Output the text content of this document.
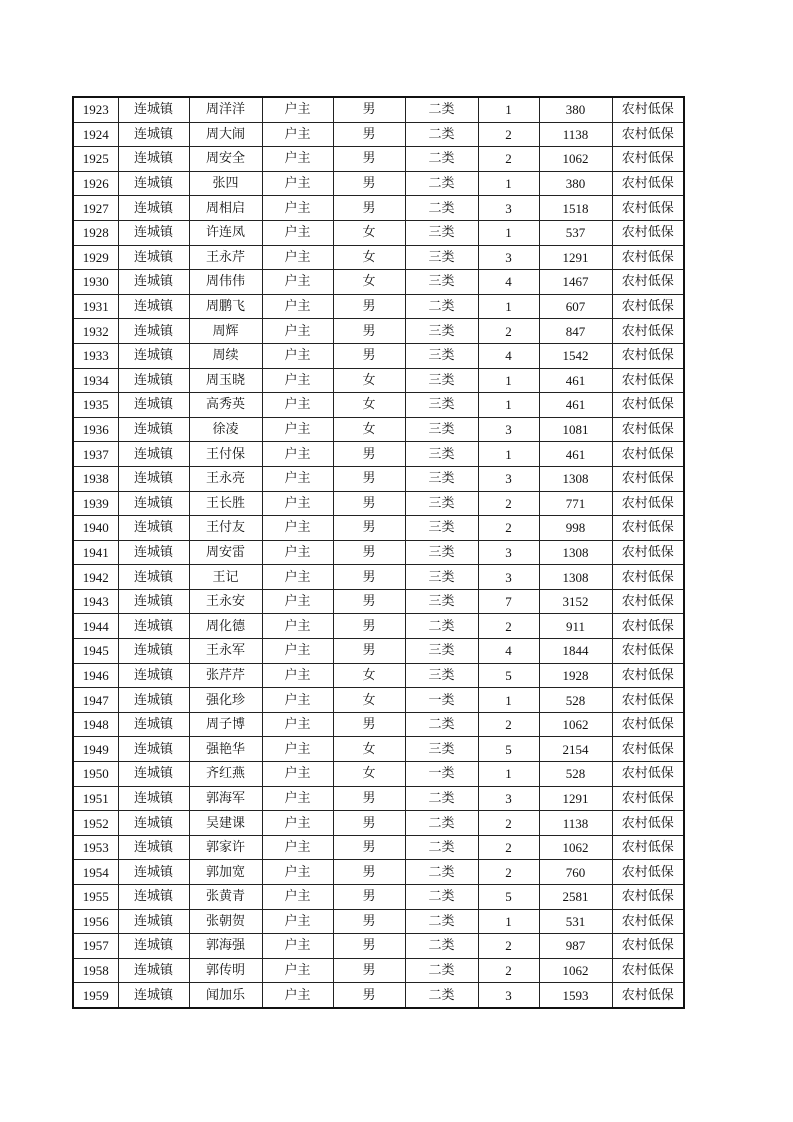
1923	连城镇	周洋洋	户主	男	二类	1	380	农村低保
1924	连城镇	周大闹	户主	男	二类	2	1138	农村低保
1925	连城镇	周安全	户主	男	二类	2	1062	农村低保
1926	连城镇	张四	户主	男	二类	1	380	农村低保
1927	连城镇	周相启	户主	男	二类	3	1518	农村低保
1928	连城镇	许连凤	户主	女	三类	1	537	农村低保
1929	连城镇	王永芹	户主	女	三类	3	1291	农村低保
1930	连城镇	周伟伟	户主	女	三类	4	1467	农村低保
1931	连城镇	周鹏飞	户主	男	二类	1	607	农村低保
1932	连城镇	周辉	户主	男	三类	2	847	农村低保
1933	连城镇	周续	户主	男	三类	4	1542	农村低保
1934	连城镇	周玉晓	户主	女	三类	1	461	农村低保
1935	连城镇	高秀英	户主	女	三类	1	461	农村低保
1936	连城镇	徐凌	户主	女	三类	3	1081	农村低保
1937	连城镇	王付保	户主	男	三类	1	461	农村低保
1938	连城镇	王永亮	户主	男	三类	3	1308	农村低保
1939	连城镇	王长胜	户主	男	三类	2	771	农村低保
1940	连城镇	王付友	户主	男	三类	2	998	农村低保
1941	连城镇	周安雷	户主	男	三类	3	1308	农村低保
1942	连城镇	王记	户主	男	三类	3	1308	农村低保
1943	连城镇	王永安	户主	男	三类	7	3152	农村低保
1944	连城镇	周化德	户主	男	二类	2	911	农村低保
1945	连城镇	王永军	户主	男	三类	4	1844	农村低保
1946	连城镇	张芹芹	户主	女	三类	5	1928	农村低保
1947	连城镇	强化珍	户主	女	一类	1	528	农村低保
1948	连城镇	周子博	户主	男	二类	2	1062	农村低保
1949	连城镇	强艳华	户主	女	三类	5	2154	农村低保
1950	连城镇	齐红燕	户主	女	一类	1	528	农村低保
1951	连城镇	郭海军	户主	男	二类	3	1291	农村低保
1952	连城镇	吴建课	户主	男	二类	2	1138	农村低保
1953	连城镇	郭家许	户主	男	二类	2	1062	农村低保
1954	连城镇	郭加宽	户主	男	二类	2	760	农村低保
1955	连城镇	张黄青	户主	男	二类	5	2581	农村低保
1956	连城镇	张朝贺	户主	男	二类	1	531	农村低保
1957	连城镇	郭海强	户主	男	二类	2	987	农村低保
1958	连城镇	郭传明	户主	男	二类	2	1062	农村低保
1959	连城镇	闻加乐	户主	男	二类	3	1593	农村低保
